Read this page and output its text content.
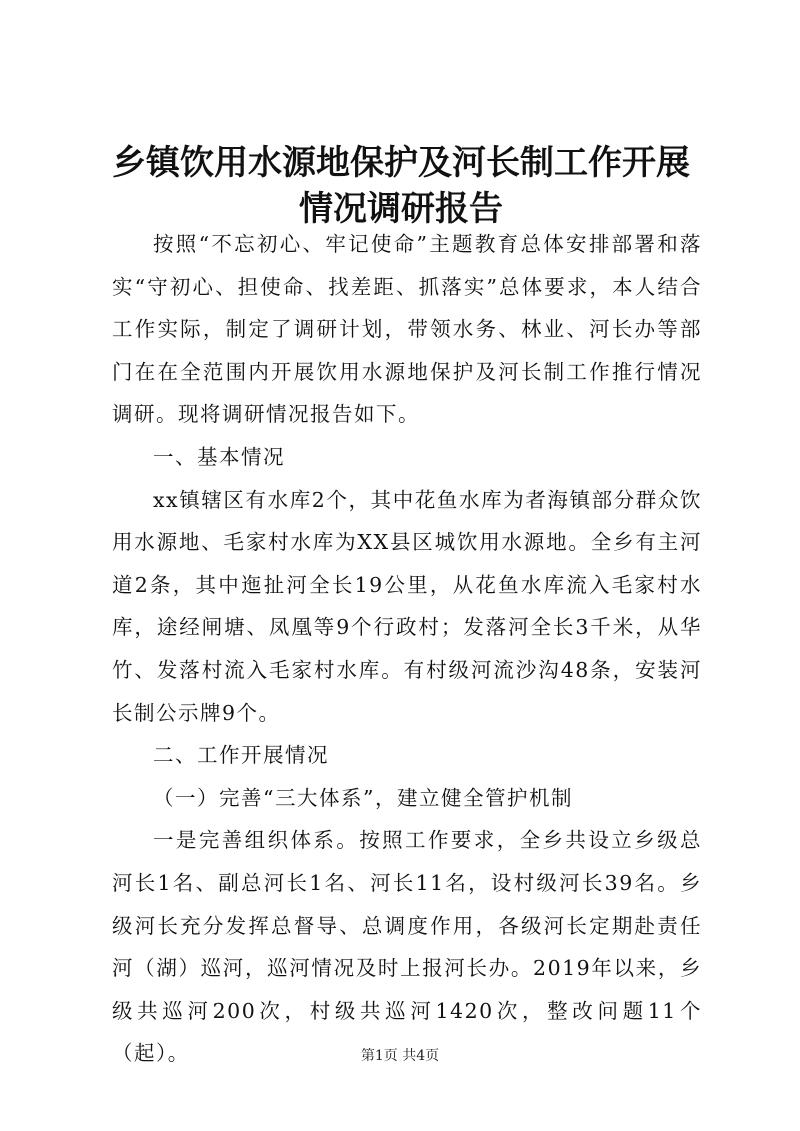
乡镇饮用水源地保护及河长制工作开展情况调研报告

按照“不忘初心、牢记使命”主题教育总体安排部署和落实“守初心、担使命、找差距、抓落实”总体要求，本人结合工作实际，制定了调研计划，带领水务、林业、河长办等部门在在全范围内开展饮用水源地保护及河长制工作推行情况调研。现将调研情况报告如下。

一、基本情况

xx镇辖区有水库2个，其中花鱼水库为者海镇部分群众饮用水源地、毛家村水库为XX县区城饮用水源地。全乡有主河道2条，其中迤扯河全长19公里，从花鱼水库流入毛家村水库，途经闸塘、凤凰等9个行政村；发落河全长3千米，从华竹、发落村流入毛家村水库。有村级河流沙沟48条，安装河长制公示牌9个。

二、工作开展情况

（一）完善“三大体系”，建立健全管护机制

一是完善组织体系。按照工作要求，全乡共设立乡级总河长1名、副总河长1名、河长11名，设村级河长39名。乡级河长充分发挥总督导、总调度作用，各级河长定期赴责任河（湖）巡河，巡河情况及时上报河长办。2019年以来，乡级共巡河200次，村级共巡河1420次，整改问题11个（起）。	第1页 共4页
